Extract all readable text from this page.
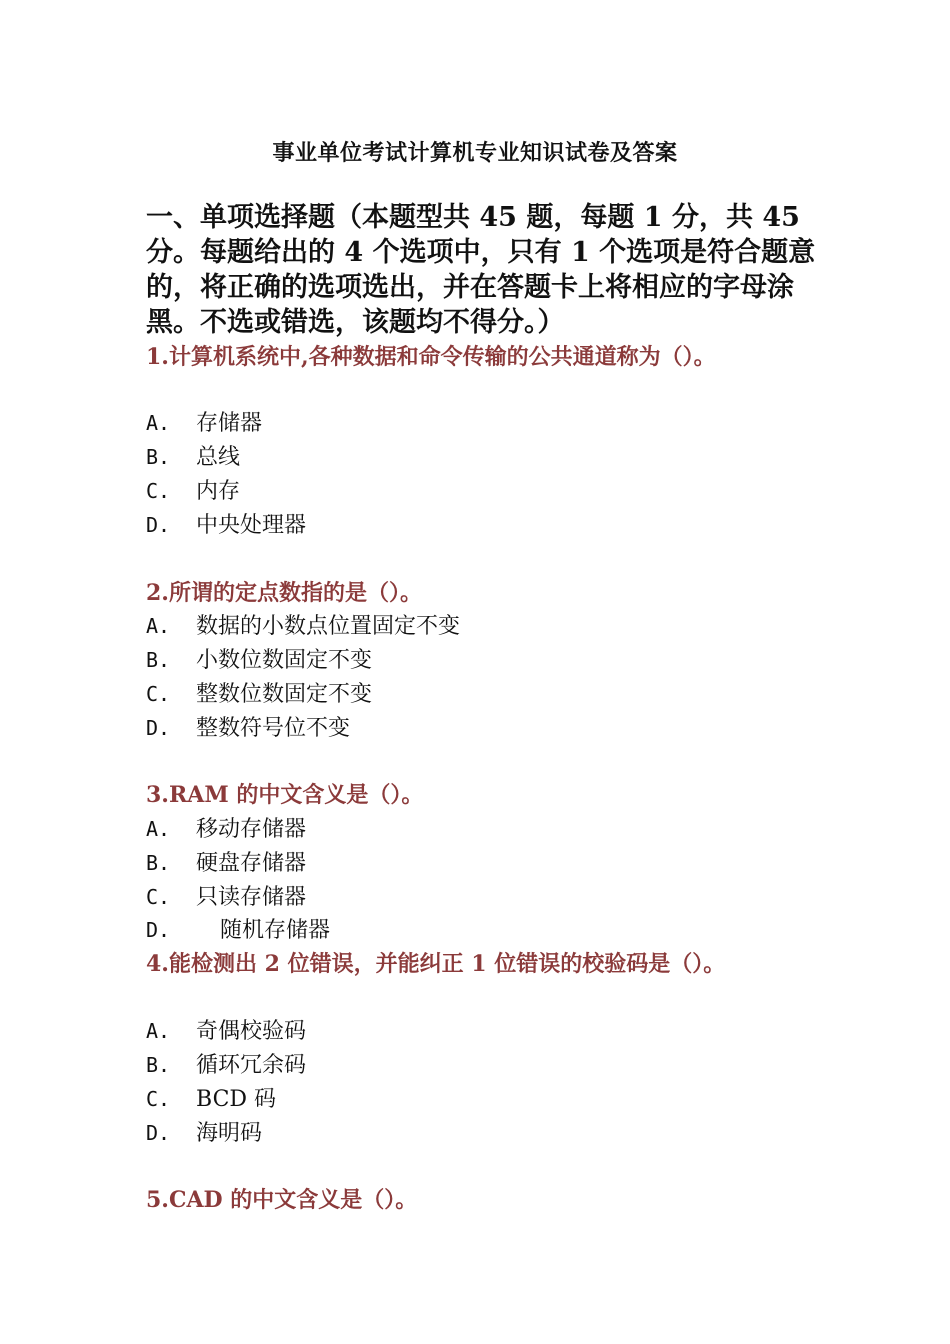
事业单位考试计算机专业知识试卷及答案

一、单项选择题（本题型共 45 题，每题 1 分，共 45 分。每题给出的 4 个选项中，只有 1 个选项是符合题意的，将正确的选项选出，并在答题卡上将相应的字母涂黑。不选或错选，该题均不得分。）

1.计算机系统中,各种数据和命令传输的公共通道称为（）。
A. 存储器
B. 总线
C. 内存
D. 中央处理器
2.所谓的定点数指的是（）。
A. 数据的小数点位置固定不变
B. 小数位数固定不变
C. 整数位数固定不变
D. 整数符号位不变
3.RAM 的中文含义是（）。
A. 移动存储器
B. 硬盘存储器
C. 只读存储器
D. 随机存储器
4.能检测出 2 位错误，并能纠正 1 位错误的校验码是（）。
A. 奇偶校验码
B. 循环冗余码
C. BCD 码
D. 海明码
5.CAD 的中文含义是（）。
